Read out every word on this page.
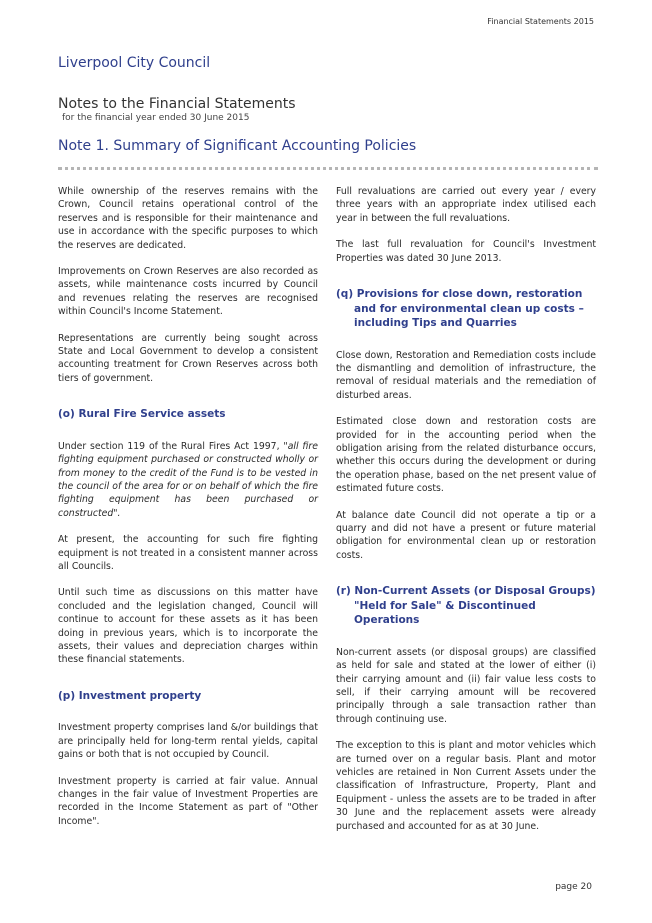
Financial Statements 2015
Liverpool City Council
Notes to the Financial Statements
for the financial year ended 30 June 2015
Note 1. Summary of Significant Accounting Policies

While ownership of the reserves remains with the Crown, Council retains operational control of the reserves and is responsible for their maintenance and use in accordance with the specific purposes to which the reserves are dedicated.

Improvements on Crown Reserves are also recorded as assets, while maintenance costs incurred by Council and revenues relating the reserves are recognised within Council's Income Statement.

Representations are currently being sought across State and Local Government to develop a consistent accounting treatment for Crown Reserves across both tiers of government.

(o) Rural Fire Service assets

Under section 119 of the Rural Fires Act 1997, "all fire fighting equipment purchased or constructed wholly or from money to the credit of the Fund is to be vested in the council of the area for or on behalf of which the fire fighting equipment has been purchased or constructed".

At present, the accounting for such fire fighting equipment is not treated in a consistent manner across all Councils.

Until such time as discussions on this matter have concluded and the legislation changed, Council will continue to account for these assets as it has been doing in previous years, which is to incorporate the assets, their values and depreciation charges within these financial statements.

(p) Investment property

Investment property comprises land &/or buildings that are principally held for long-term rental yields, capital gains or both that is not occupied by Council.

Investment property is carried at fair value. Annual changes in the fair value of Investment Properties are recorded in the Income Statement as part of "Other Income".

Full revaluations are carried out every year / every three years with an appropriate index utilised each year in between the full revaluations.

The last full revaluation for Council's Investment Properties was dated 30 June 2013.

(q) Provisions for close down, restoration and for environmental clean up costs – including Tips and Quarries

Close down, Restoration and Remediation costs include the dismantling and demolition of infrastructure, the removal of residual materials and the remediation of disturbed areas.

Estimated close down and restoration costs are provided for in the accounting period when the obligation arising from the related disturbance occurs, whether this occurs during the development or during the operation phase, based on the net present value of estimated future costs.

At balance date Council did not operate a tip or a quarry and did not have a present or future material obligation for environmental clean up or restoration costs.

(r) Non-Current Assets (or Disposal Groups) "Held for Sale" & Discontinued Operations

Non-current assets (or disposal groups) are classified as held for sale and stated at the lower of either (i) their carrying amount and (ii) fair value less costs to sell, if their carrying amount will be recovered principally through a sale transaction rather than through continuing use.

The exception to this is plant and motor vehicles which are turned over on a regular basis. Plant and motor vehicles are retained in Non Current Assets under the classification of Infrastructure, Property, Plant and Equipment - unless the assets are to be traded in after 30 June and the replacement assets were already purchased and accounted for as at 30 June.

page 20
